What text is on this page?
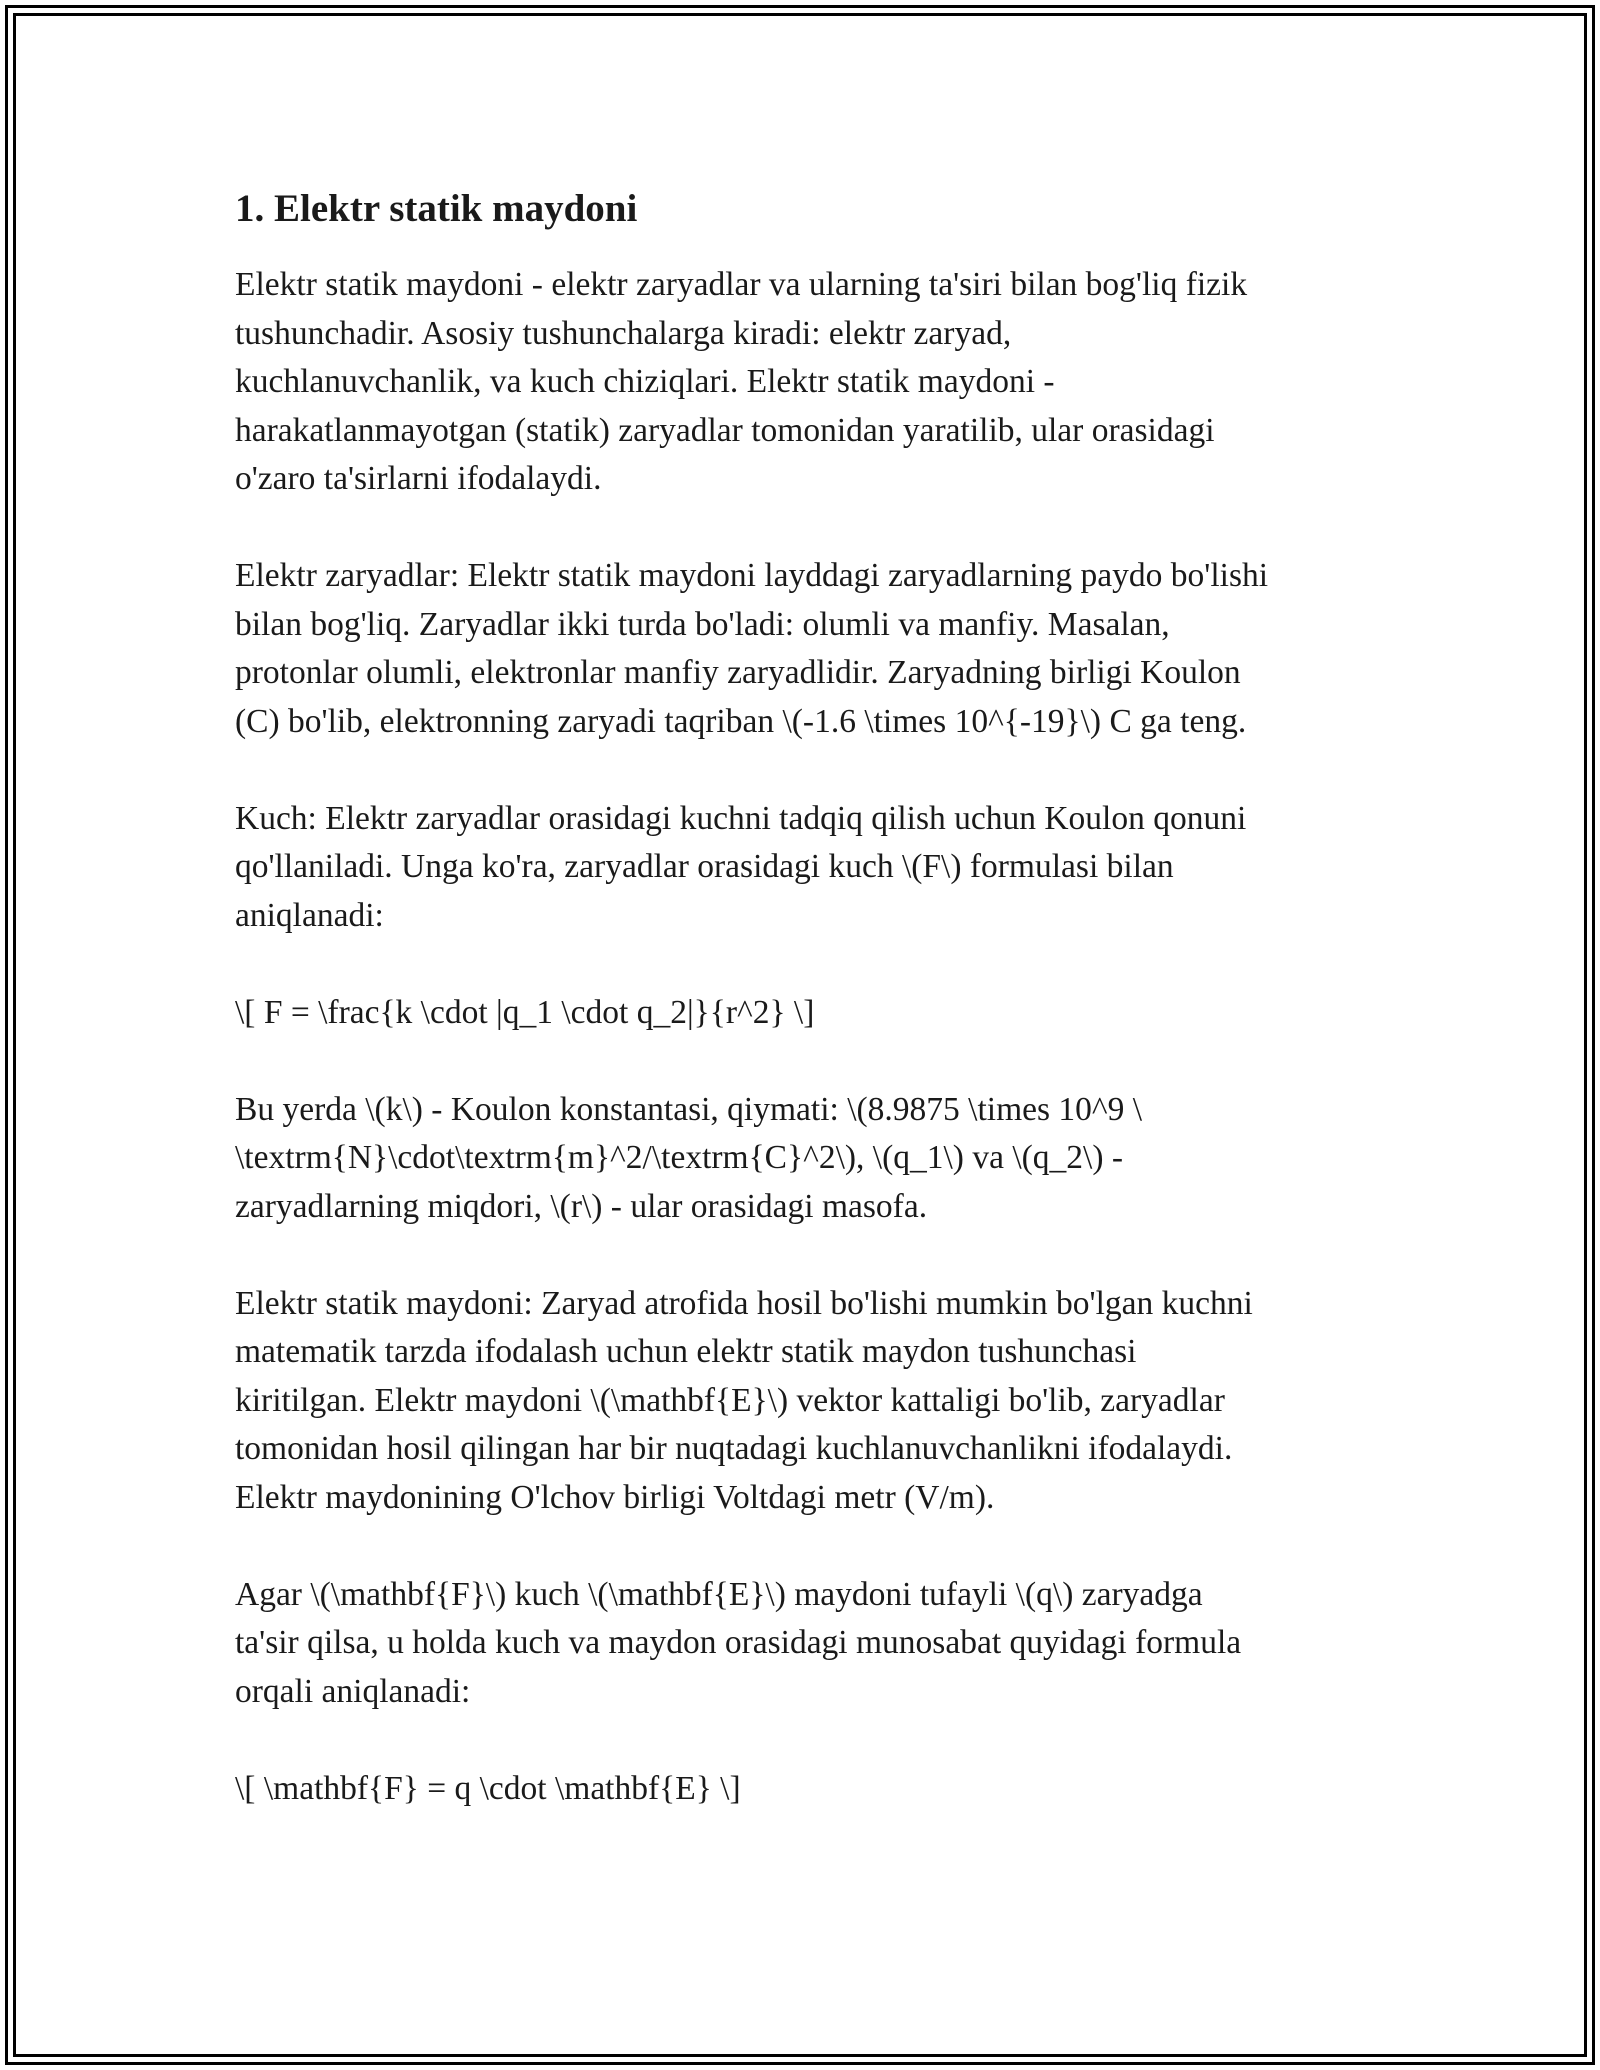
1. Elektr statik maydoni

Elektr statik maydoni - elektr zaryadlar va ularning ta'siri bilan bog'liq fizik
tushunchadir. Asosiy tushunchalarga kiradi: elektr zaryad,
kuchlanuvchanlik, va kuch chiziqlari. Elektr statik maydoni -
harakatlanmayotgan (statik) zaryadlar tomonidan yaratilib, ular orasidagi
o'zaro ta'sirlarni ifodalaydi.

Elektr zaryadlar: Elektr statik maydoni layddagi zaryadlarning paydo bo'lishi
bilan bog'liq. Zaryadlar ikki turda bo'ladi: olumli va manfiy. Masalan,
protonlar olumli, elektronlar manfiy zaryadlidir. Zaryadning birligi Koulon
(C) bo'lib, elektronning zaryadi taqriban \(-1.6 \times 10^{-19}\) C ga teng.

Kuch: Elektr zaryadlar orasidagi kuchni tadqiq qilish uchun Koulon qonuni
qo'llaniladi. Unga ko'ra, zaryadlar orasidagi kuch \(F\) formulasi bilan
aniqlanadi:

\[ F = \frac{k \cdot |q_1 \cdot q_2|}{r^2} \]

Bu yerda \(k\) - Koulon konstantasi, qiymati: \(8.9875 \times 10^9 \
\textrm{N}\cdot\textrm{m}^2/\textrm{C}^2\), \(q_1\) va \(q_2\) -
zaryadlarning miqdori, \(r\) - ular orasidagi masofa.

Elektr statik maydoni: Zaryad atrofida hosil bo'lishi mumkin bo'lgan kuchni
matematik tarzda ifodalash uchun elektr statik maydon tushunchasi
kiritilgan. Elektr maydoni \(\mathbf{E}\) vektor kattaligi bo'lib, zaryadlar
tomonidan hosil qilingan har bir nuqtadagi kuchlanuvchanlikni ifodalaydi.
Elektr maydonining O'lchov birligi Voltdagi metr (V/m).

Agar \(\mathbf{F}\) kuch \(\mathbf{E}\) maydoni tufayli \(q\) zaryadga
ta'sir qilsa, u holda kuch va maydon orasidagi munosabat quyidagi formula
orqali aniqlanadi:

\[ \mathbf{F} = q \cdot \mathbf{E} \]
